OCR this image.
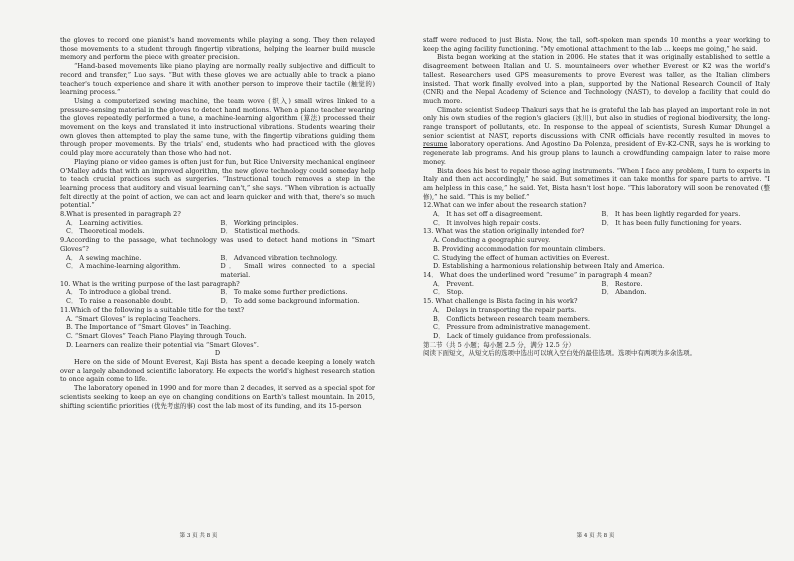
the gloves to record one pianist's hand movements while playing a song. They then relayed those movements to a student through fingertip vibrations, helping the learner build muscle memory and perform the piece with greater precision.

“Hand-based movements like piano playing are normally really subjective and difficult to record and transfer,” Luo says. “But with these gloves we are actually able to track a piano teacher's touch experience and share it with another person to improve their tactile (触觉的) learning process.”

Using a computerized sewing machine, the team wove (织入) small wires linked to a pressure-sensing material in the gloves to detect hand motions. When a piano teacher wearing the gloves repeatedly performed a tune, a machine-learning algorithm (算法) processed their movement on the keys and translated it into instructional vibrations. Students wearing their own gloves then attempted to play the same tune, with the fingertip vibrations guiding them through proper movements. By the trials' end, students who had practiced with the gloves could play more accurately than those who had not.

Playing piano or video games is often just for fun, but Rice University mechanical engineer O'Malley adds that with an improved algorithm, the new glove technology could someday help to teach crucial practices such as surgeries. “Instructional touch removes a step in the learning process that auditory and visual learning can't,” she says. “When vibration is actually felt directly at the point of action, we can act and learn quicker and with that, there's so much potential.”

8.What is presented in paragraph 2?
A． Learning activities.	B． Working principles.
C． Theoretical models.	D． Statistical methods.
9.According to the passage, what technology was used to detect hand motions in “Smart Gloves”?
A． A sewing machine.	B． Advanced vibration technology.
C． A machine-learning algorithm.	D． Small wires connected to a special material.
10. What is the writing purpose of the last paragraph?
A． To introduce a global trend.	B． To make some further predictions.
C． To raise a reasonable doubt.	D． To add some background information.
11.Which of the following is a suitable title for the text?
A. “Smart Gloves” is replacing Teachers.
B. The Importance of “Smart Gloves” in Teaching.
C. “Smart Gloves” Teach Piano Playing through Touch.
D. Learners can realize their potential via “Smart Gloves”.
D

Here on the side of Mount Everest, Kaji Bista has spent a decade keeping a lonely watch over a largely abandoned scientific laboratory. He expects the world's highest research station to once again come to life.

The laboratory opened in 1990 and for more than 2 decades, it served as a special spot for scientists seeking to keep an eye on changing conditions on Earth's tallest mountain. In 2015, shifting scientific priorities (优先考虑的事) cost the lab most of its funding, and its 15-person

第 3 页 共 8 页

staff were reduced to just Bista. Now, the tall, soft-spoken man spends 10 months a year working to keep the aging facility functioning. “My emotional attachment to the lab … keeps me going,” he said.

Bista began working at the station in 2006. He states that it was originally established to settle a disagreement between Italian and U. S. mountaineers over whether Everest or K2 was the world's tallest. Researchers used GPS measurements to prove Everest was taller, as the Italian climbers insisted. That work finally evolved into a plan, supported by the National Research Council of Italy (CNR) and the Nepal Academy of Science and Technology (NAST), to develop a facility that could do much more.

Climate scientist Sudeep Thakuri says that he is grateful the lab has played an important role in not only his own studies of the region's glaciers (冰川), but also in studies of regional biodiversity, the long-range transport of pollutants, etc. In response to the appeal of scientists, Suresh Kumar Dhungel a senior scientist at NAST, reports discussions with CNR officials have recently resulted in moves to resume laboratory operations. And Agostino Da Polenza, president of Ev-K2-CNR, says he is working to regenerate lab programs. And his group plans to launch a crowdfunding campaign later to raise more money.

Bista does his best to repair those aging instruments. “When I face any problem, I turn to experts in Italy and then act accordingly,” he said. But sometimes it can take months for spare parts to arrive. “I am helpless in this case,” he said. Yet, Bista hasn't lost hope. “This laboratory will soon be renovated (整修),” he said. “This is my belief.”

12.What can we infer about the research station?
A． It has set off a disagreement.	B． It has been lightly regarded for years.
C． It involves high repair costs.	D． It has been fully functioning for years.
13. What was the station originally intended for?
A. Conducting a geographic survey.
B. Providing accommodation for mountain climbers.
C. Studying the effect of human activities on Everest.
D. Establishing a harmonious relationship between Italy and America.
14． What does the underlined word “resume” in paragraph 4 mean?
A． Prevent.	B． Restore.
C． Stop.	D． Abandon.
15. What challenge is Bista facing in his work?
A． Delays in transporting the repair parts.
B． Conflicts between research team members.
C． Pressure from administrative management.
D． Lack of timely guidance from professionals.
第二节（共 5 小题；每小题 2.5 分，满分 12.5 分）
阅读下面短文，从短文后的选项中选出可以填入空白处的最佳选项。选项中有两项为多余选项。
第 4 页 共 8 页
